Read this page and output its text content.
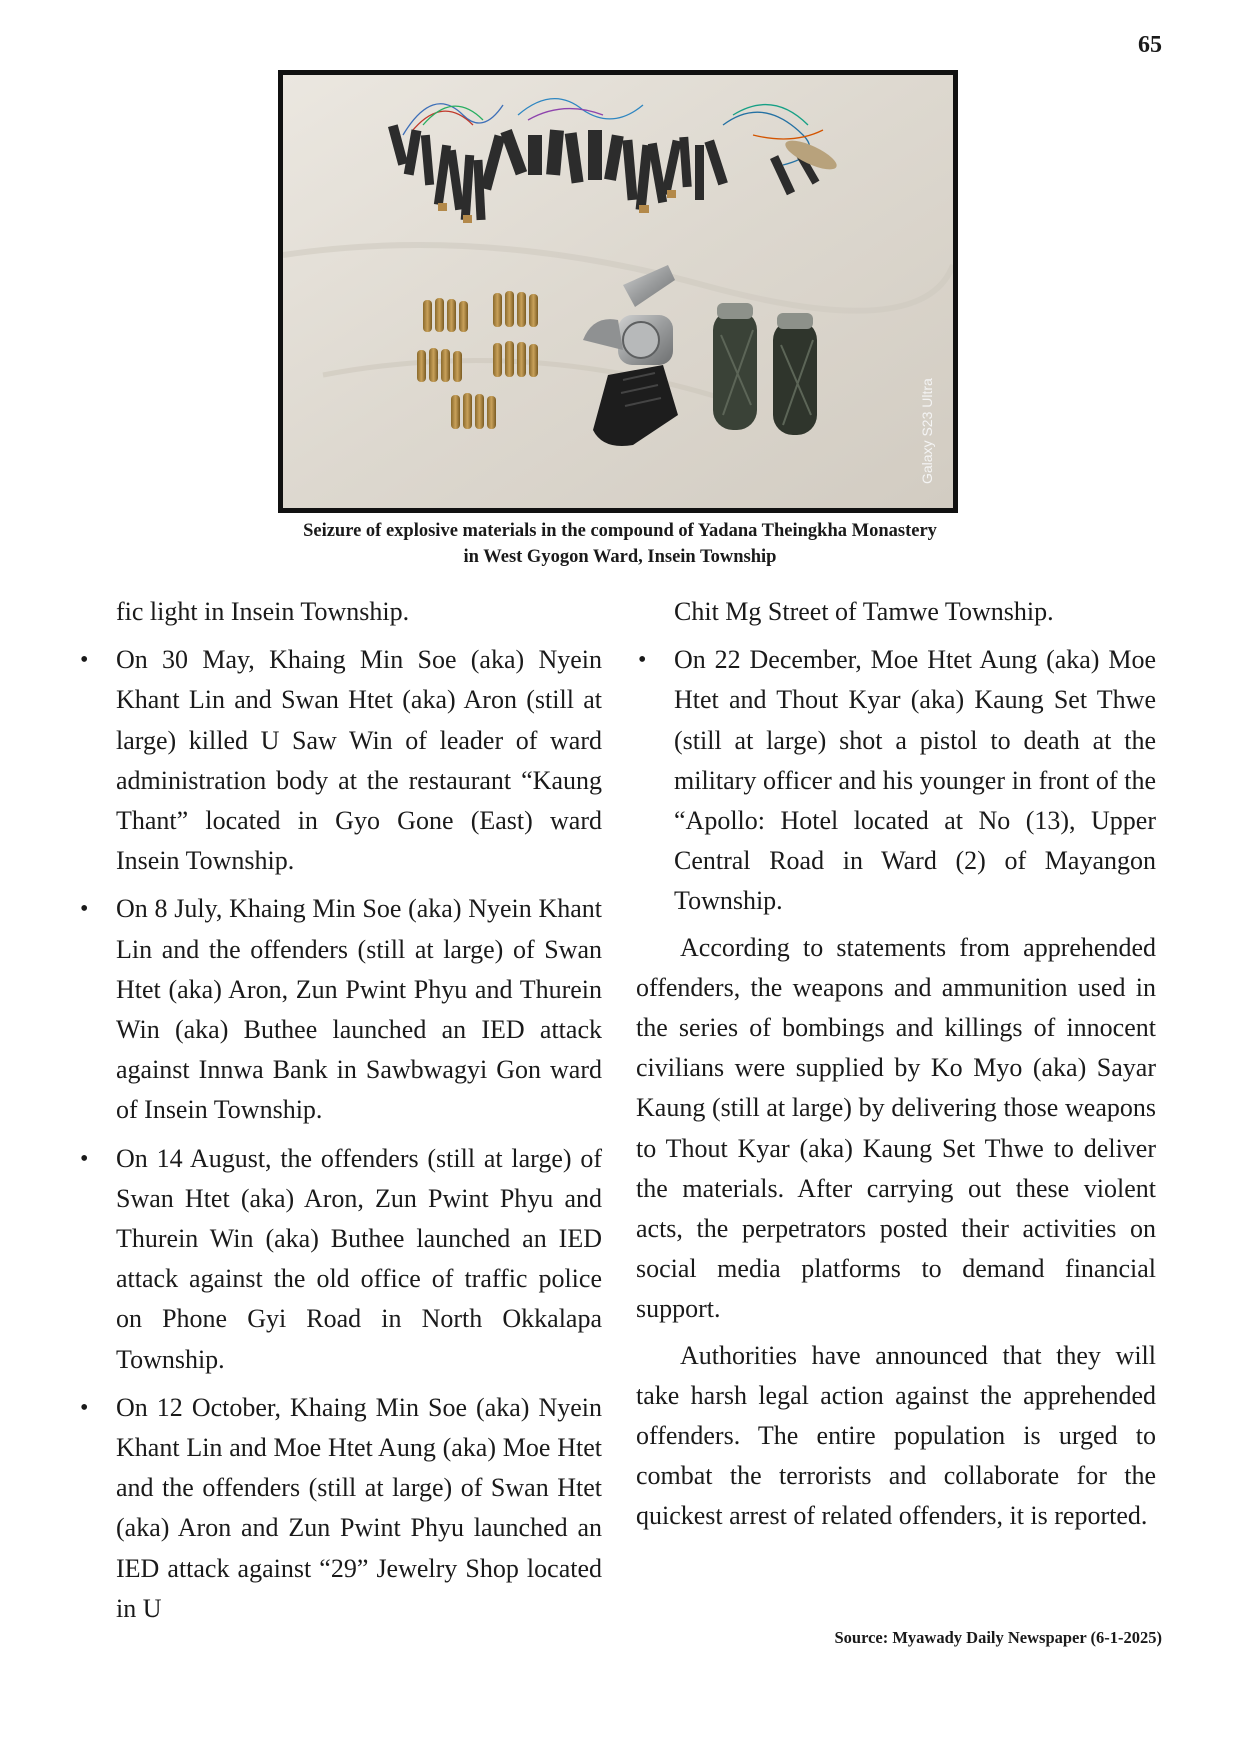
65
Galaxy S23 Ultra
Seizure of explosive materials in the compound of Yadana Theingkha Monastery
in West Gyogon Ward, Insein Township

fic light in Insein Township.

• On 30 May, Khaing Min Soe (aka) Nyein Khant Lin and Swan Htet (aka) Aron (still at large) killed U Saw Win of leader of ward administration body at the restaurant “Kaung Thant” located in Gyo Gone (East) ward Insein Township.
• On 8 July, Khaing Min Soe (aka) Nyein Khant Lin and the offenders (still at large) of Swan Htet (aka) Aron, Zun Pwint Phyu and Thurein Win (aka) Buthee launched an IED attack against Innwa Bank in Sawbwagyi Gon ward of Insein Township.
• On 14 August, the offenders (still at large) of Swan Htet (aka) Aron, Zun Pwint Phyu and Thurein Win (aka) Buthee launched an IED attack against the old office of traffic police on Phone Gyi Road in North Okkalapa Township.
• On 12 October, Khaing Min Soe (aka) Nyein Khant Lin and Moe Htet Aung (aka) Moe Htet and the offenders (still at large) of Swan Htet (aka) Aron and Zun Pwint Phyu launched an IED attack against “29” Jewelry Shop located in U

Chit Mg Street of Tamwe Township.

• On 22 December, Moe Htet Aung (aka) Moe Htet and Thout Kyar (aka) Kaung Set Thwe (still at large) shot a pistol to death at the military officer and his younger in front of the “Apollo: Hotel located at No (13), Upper Central Road in Ward (2) of Mayangon Township.

According to statements from apprehended offenders, the weapons and ammunition used in the series of bombings and killings of innocent civilians were supplied by Ko Myo (aka) Sayar Kaung (still at large) by delivering those weapons to Thout Kyar (aka) Kaung Set Thwe to deliver the materials. After carrying out these violent acts, the perpetrators posted their activities on social media platforms to demand financial support.

Authorities have announced that they will take harsh legal action against the apprehended offenders. The entire population is urged to combat the terrorists and collaborate for the quickest arrest of related offenders, it is reported.

Source: Myawady Daily Newspaper (6-1-2025)
